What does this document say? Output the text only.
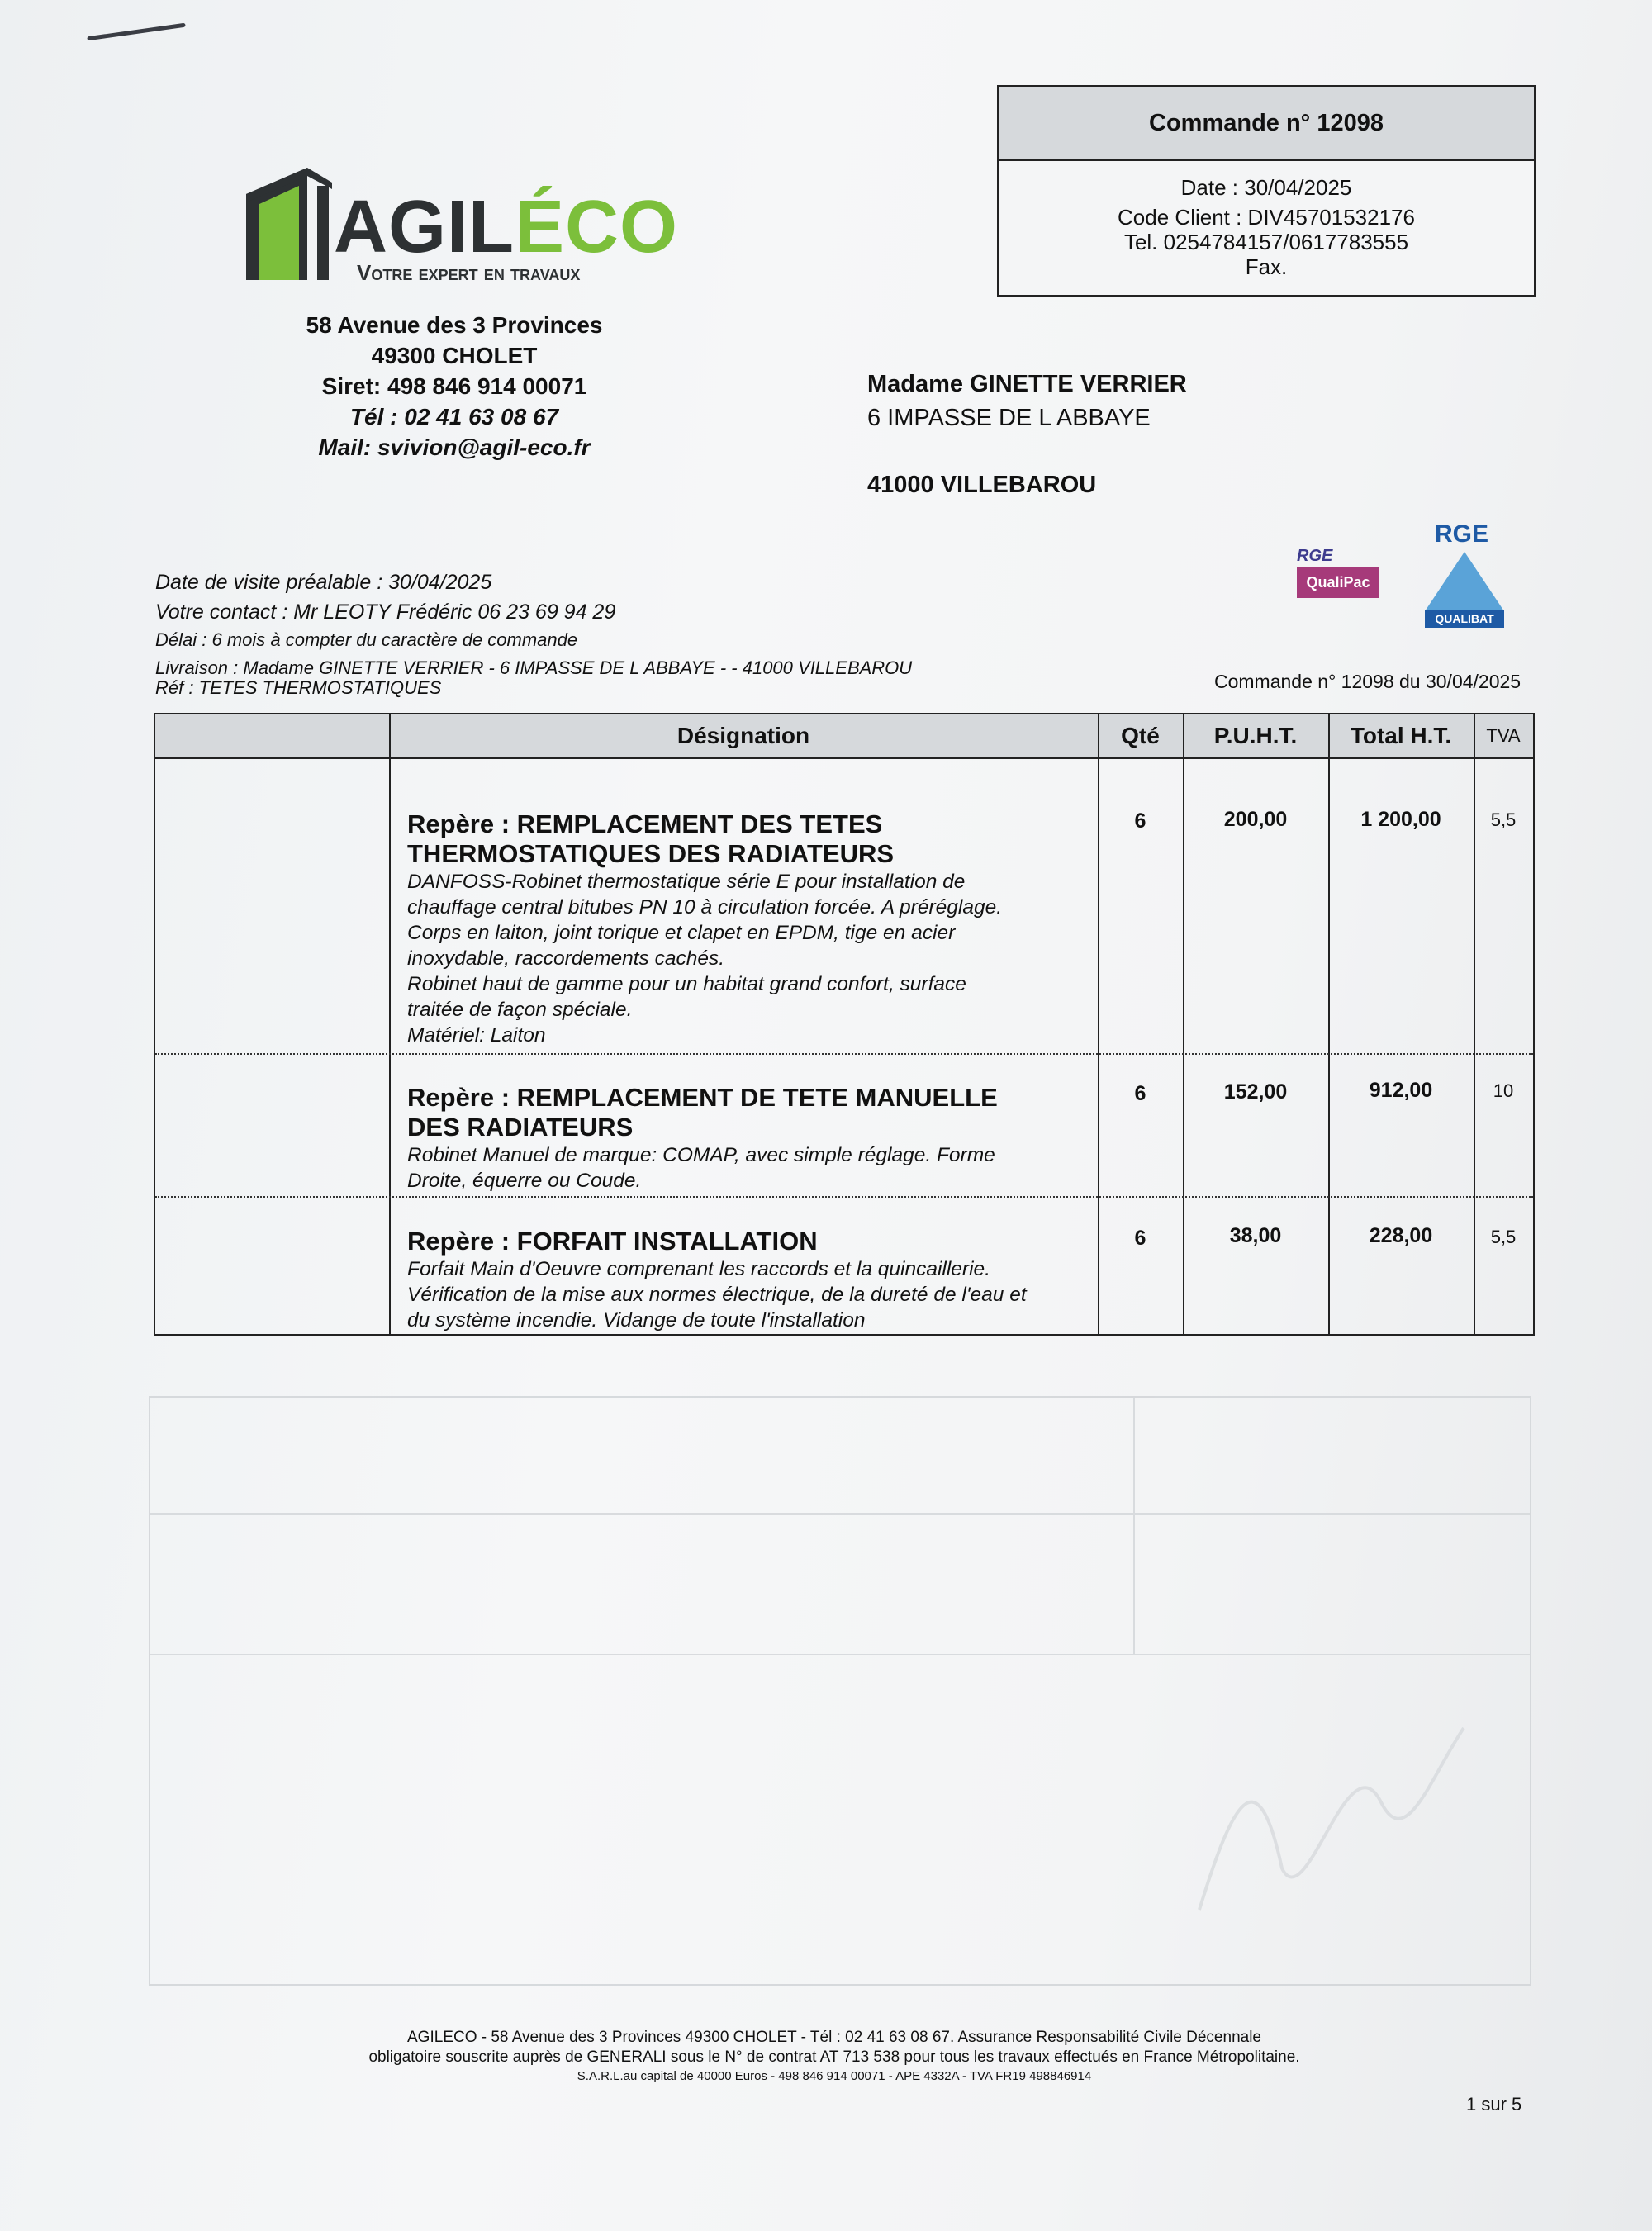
Commande n° 12098
Date : 30/04/2025
Code Client : DIV45701532176
Tel. 0254784157/0617783555
Fax.
AGILÉCO
Votre expert en travaux
58 Avenue des 3 Provinces
49300 CHOLET
Siret: 498 846 914 00071
Tél : 02 41 63 08 67
Mail: svivion@agil-eco.fr
Madame GINETTE VERRIER
6 IMPASSE DE L ABBAYE
41000 VILLEBAROU
RGE
QualiPac
RGE
QUALIBAT
Date de visite préalable : 30/04/2025
Votre contact : Mr LEOTY Frédéric 06 23 69 94 29
Délai : 6 mois à compter du caractère de commande
Livraison : Madame GINETTE VERRIER - 6 IMPASSE DE L ABBAYE - - 41000 VILLEBAROU
Réf : TETES THERMOSTATIQUES	Commande n° 12098 du 30/04/2025
Désignation	Qté	P.U.H.T.	Total H.T.	TVA
Repère : REMPLACEMENT DES TETES
THERMOSTATIQUES DES RADIATEURS
DANFOSS-Robinet thermostatique série E pour installation de
chauffage central bitubes PN 10 à circulation forcée. A préréglage.
Corps en laiton, joint torique et clapet en EPDM, tige en acier
inoxydable, raccordements cachés.
Robinet haut de gamme pour un habitat grand confort, surface
traitée de façon spéciale.
Matériel: Laiton
6	200,00	1 200,00	5,5
Repère : REMPLACEMENT DE TETE MANUELLE
DES RADIATEURS
Robinet Manuel de marque: COMAP, avec simple réglage. Forme
Droite, équerre ou Coude.
6	152,00	912,00	10
Repère : FORFAIT INSTALLATION
Forfait Main d'Oeuvre comprenant les raccords et la quincaillerie.
Vérification de la mise aux normes électrique, de la dureté de l'eau et
du système incendie. Vidange de toute l'installation
6	38,00	228,00	5,5
AGILECO - 58 Avenue des 3 Provinces 49300 CHOLET - Tél : 02 41 63 08 67. Assurance Responsabilité Civile Décennale
obligatoire souscrite auprès de GENERALI sous le N° de contrat AT 713 538 pour tous les travaux effectués en France Métropolitaine.
S.A.R.L.au capital de 40000 Euros - 498 846 914 00071 - APE 4332A - TVA FR19 498846914
1 sur 5
